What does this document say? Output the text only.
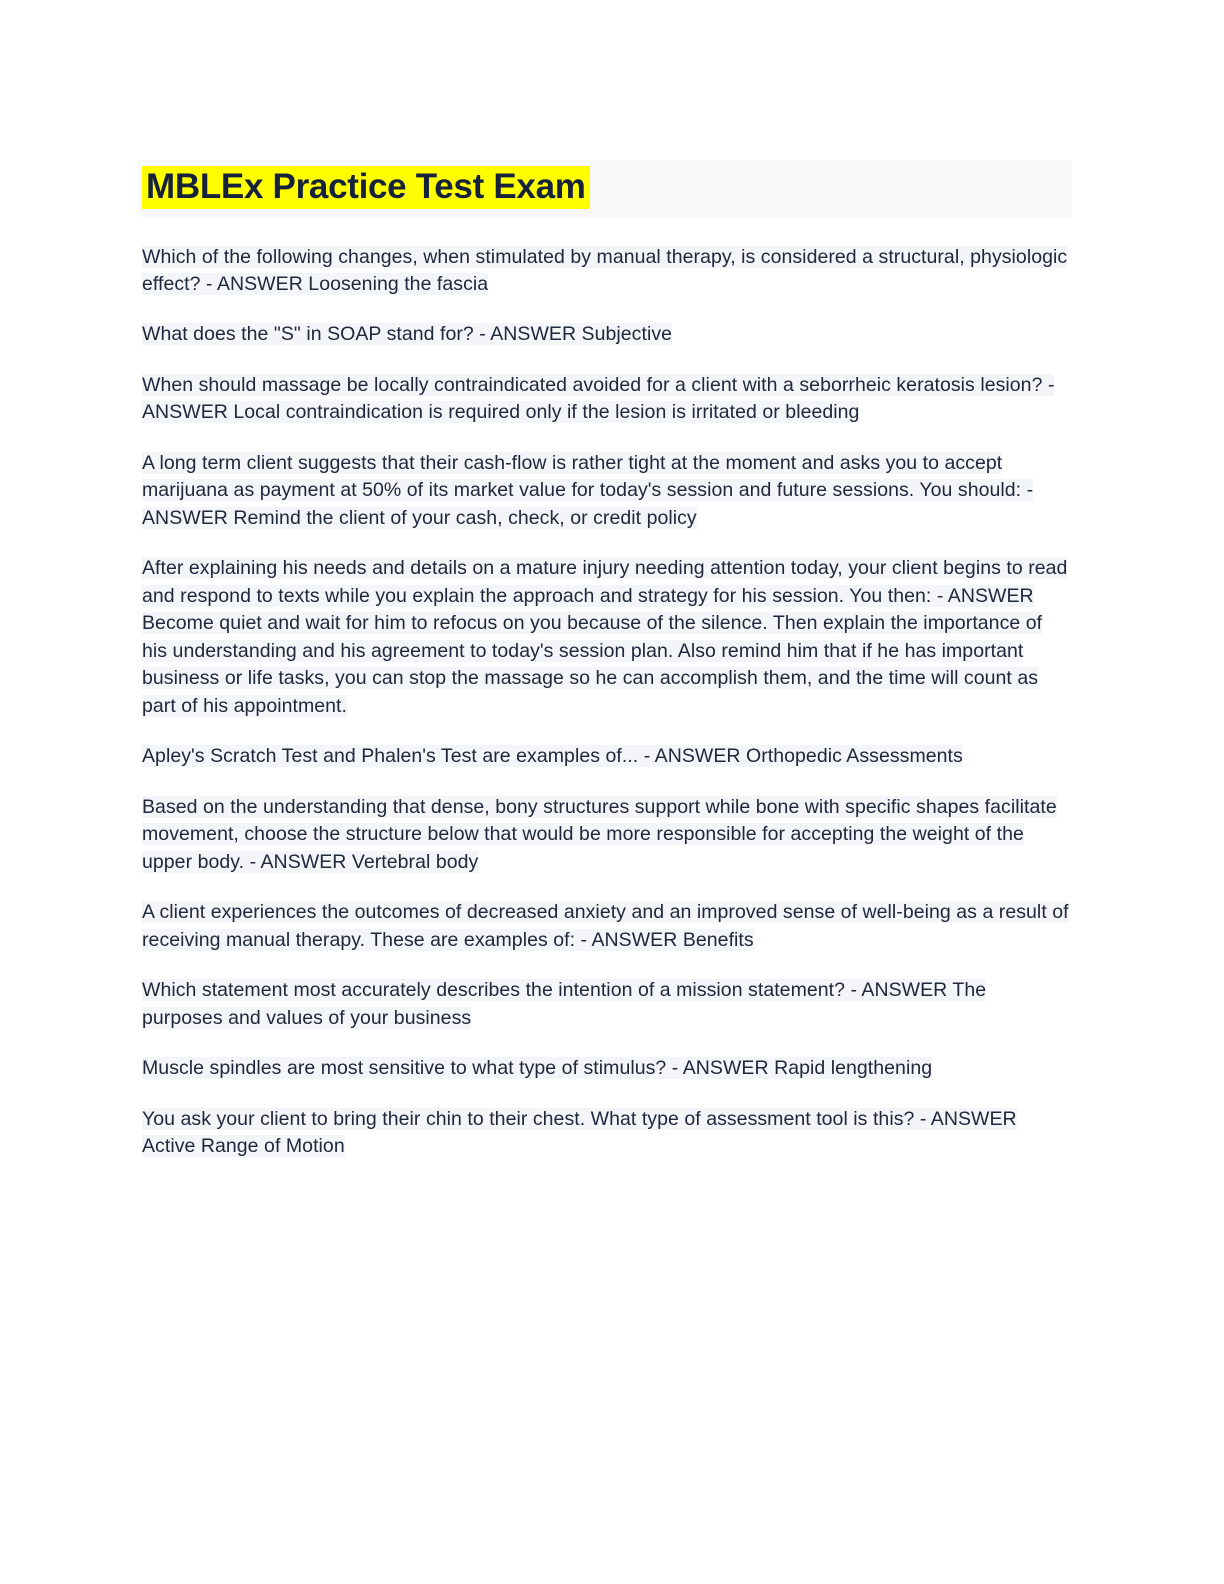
MBLEx Practice Test Exam

Which of the following changes, when stimulated by manual therapy, is considered a structural, physiologic effect? - ANSWER Loosening the fascia

What does the "S" in SOAP stand for? - ANSWER Subjective

When should massage be locally contraindicated avoided for a client with a seborrheic keratosis lesion? - ANSWER Local contraindication is required only if the lesion is irritated or bleeding

A long term client suggests that their cash-flow is rather tight at the moment and asks you to accept marijuana as payment at 50% of its market value for today's session and future sessions. You should: - ANSWER Remind the client of your cash, check, or credit policy

After explaining his needs and details on a mature injury needing attention today, your client begins to read and respond to texts while you explain the approach and strategy for his session. You then: - ANSWER Become quiet and wait for him to refocus on you because of the silence. Then explain the importance of his understanding and his agreement to today's session plan. Also remind him that if he has important business or life tasks, you can stop the massage so he can accomplish them, and the time will count as part of his appointment.

Apley's Scratch Test and Phalen's Test are examples of... - ANSWER Orthopedic Assessments

Based on the understanding that dense, bony structures support while bone with specific shapes facilitate movement, choose the structure below that would be more responsible for accepting the weight of the upper body. - ANSWER Vertebral body

A client experiences the outcomes of decreased anxiety and an improved sense of well-being as a result of receiving manual therapy. These are examples of: - ANSWER Benefits

Which statement most accurately describes the intention of a mission statement? - ANSWER The purposes and values of your business

Muscle spindles are most sensitive to what type of stimulus? - ANSWER Rapid lengthening

You ask your client to bring their chin to their chest. What type of assessment tool is this? - ANSWER Active Range of Motion
